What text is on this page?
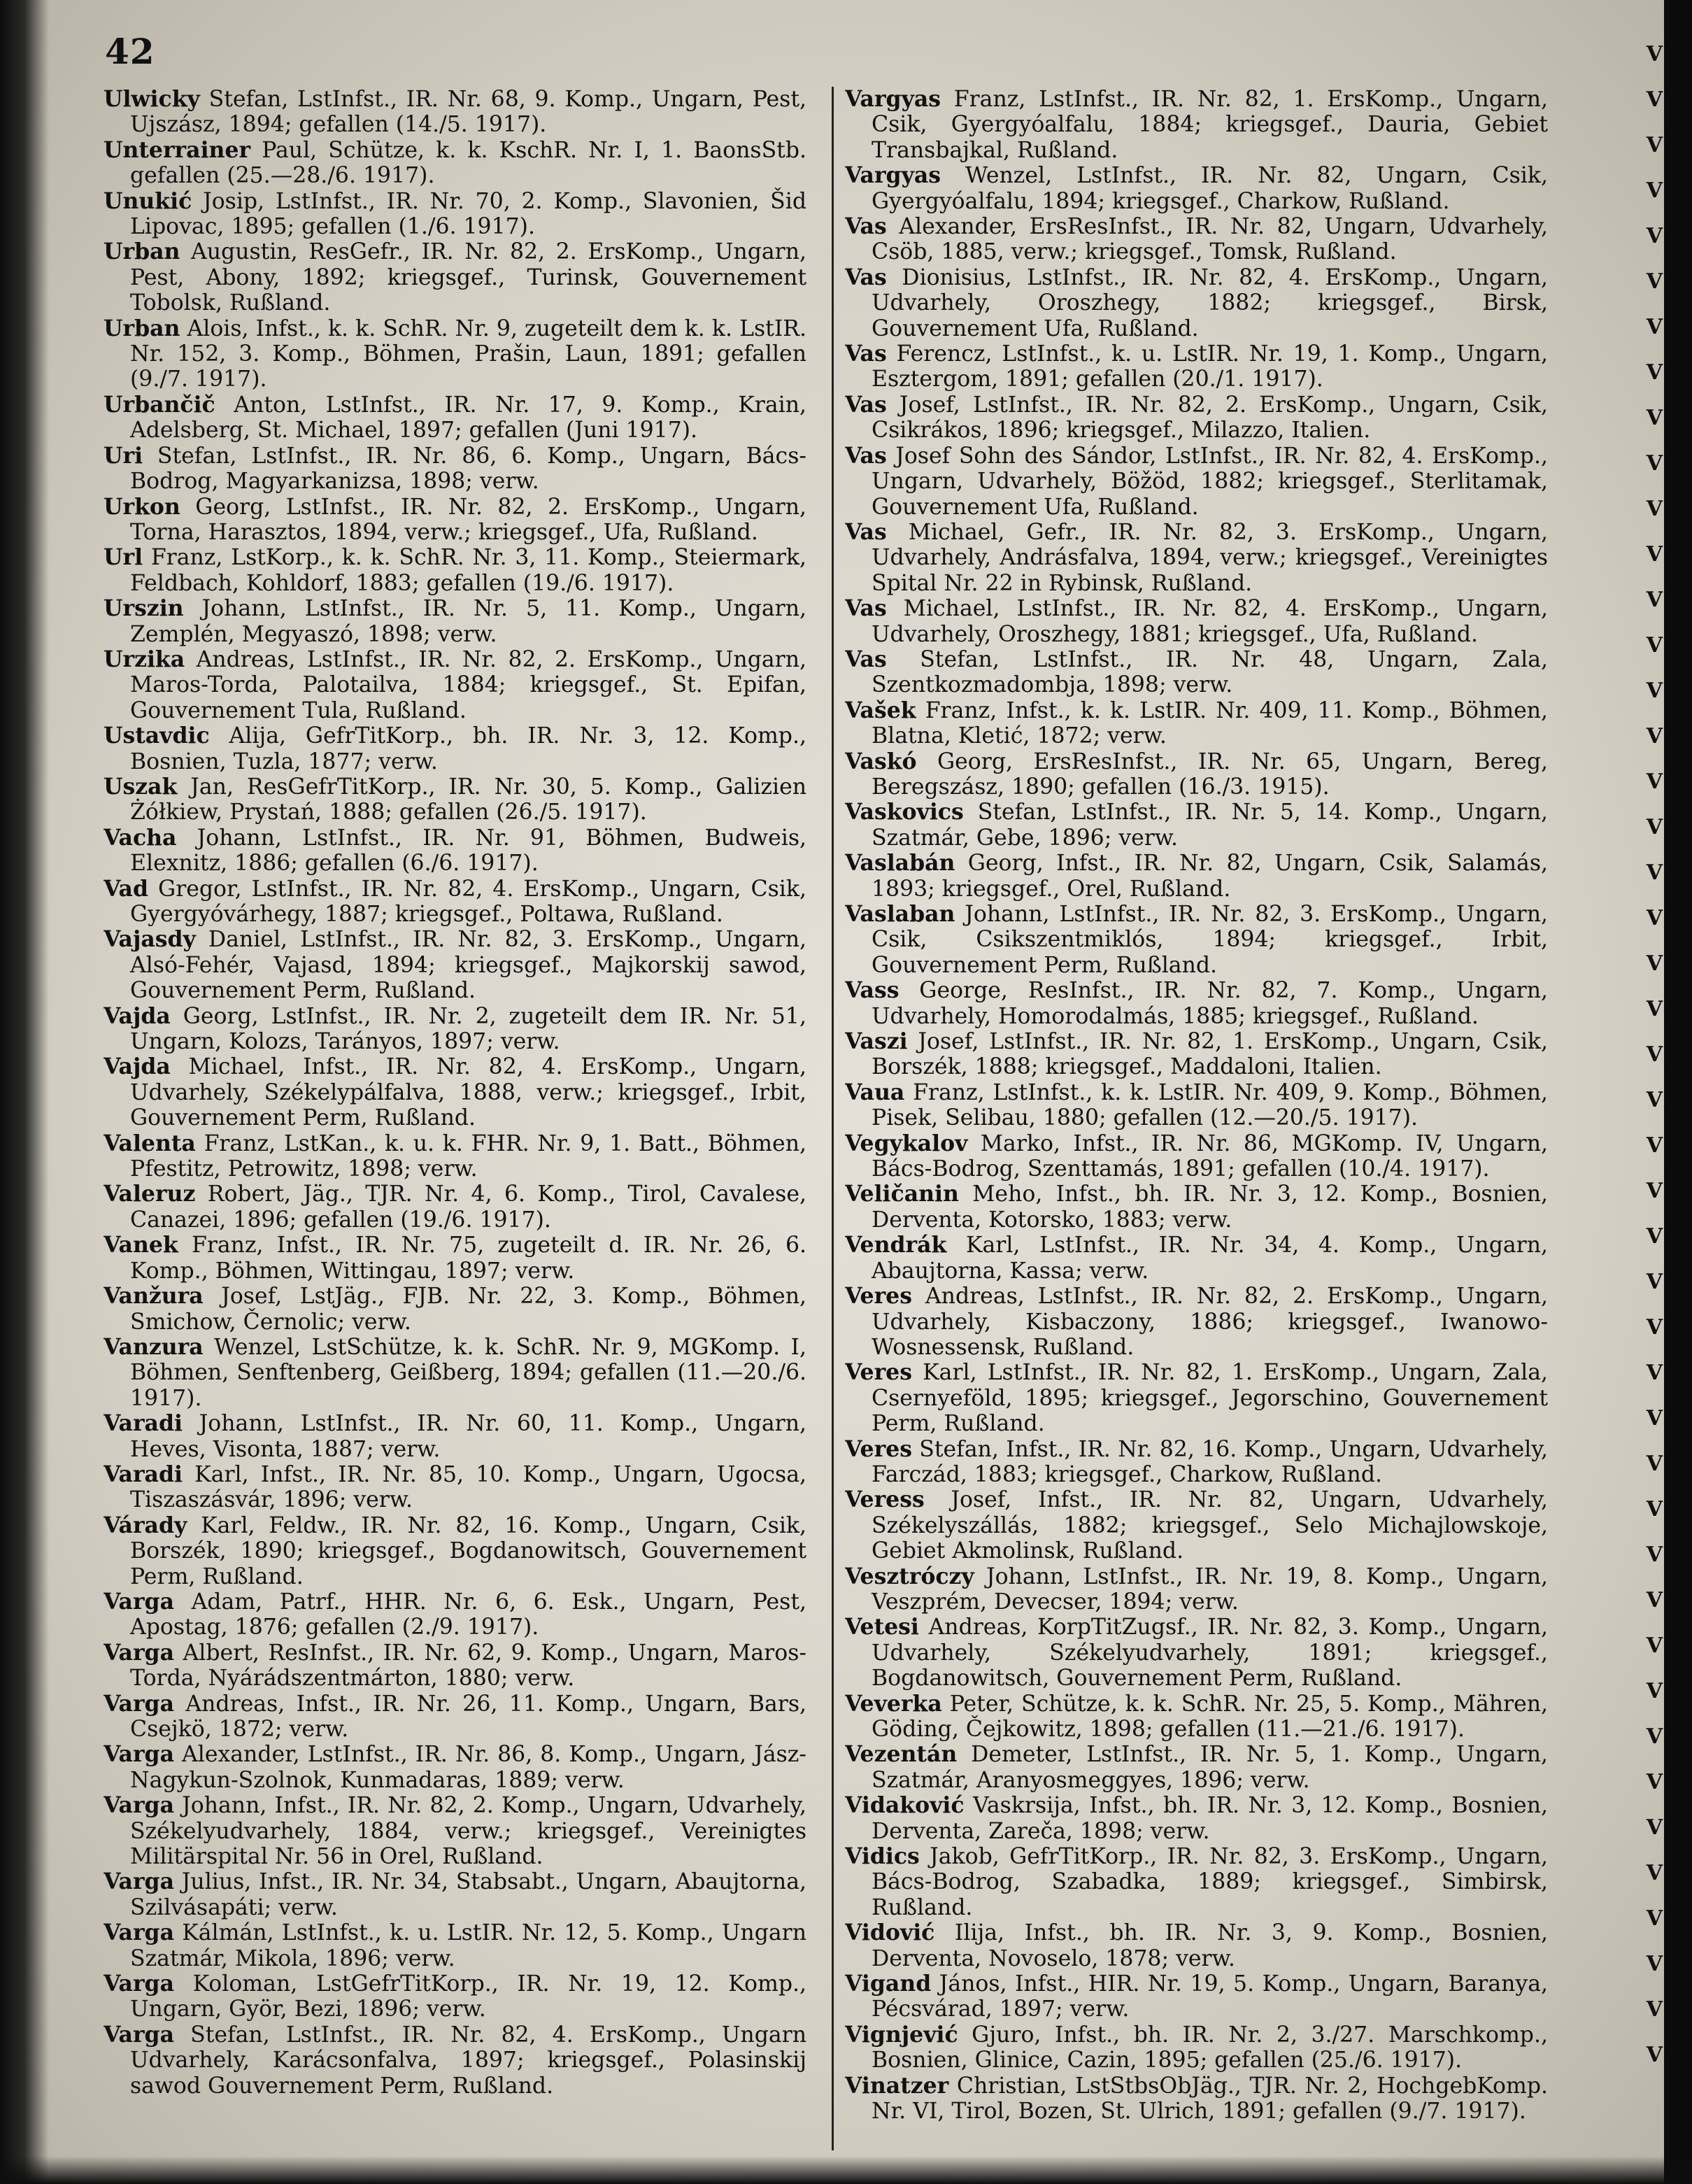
V
V
V
V
V
V
V
V
V
V
V
V
V
V
V
V
V
V
V
V
V
V
V
V
V
V
V
V
V
V
V
V
V
V
V
V
V
V
V
V
V
V
V
V
V
42

Ulwicky Stefan, LstInfst., IR. Nr. 68, 9. Komp., Ungarn, Pest, Ujszász, 1894; gefallen (14./5. 1917).

Unterrainer Paul, Schütze, k. k. KschR. Nr. I, 1. BaonsStb. gefallen (25.—28./6. 1917).

Unukić Josip, LstInfst., IR. Nr. 70, 2. Komp., Slavonien, Šid Lipovac, 1895; gefallen (1./6. 1917).

Urban Augustin, ResGefr., IR. Nr. 82, 2. ErsKomp., Ungarn, Pest, Abony, 1892; kriegsgef., Turinsk, Gouvernement Tobolsk, Rußland.

Urban Alois, Infst., k. k. SchR. Nr. 9, zugeteilt dem k. k. LstIR. Nr. 152, 3. Komp., Böhmen, Prašin, Laun, 1891; gefallen (9./7. 1917).

Urbančič Anton, LstInfst., IR. Nr. 17, 9. Komp., Krain, Adelsberg, St. Michael, 1897; gefallen (Juni 1917).

Uri Stefan, LstInfst., IR. Nr. 86, 6. Komp., Ungarn, Bács-Bodrog, Magyarkanizsa, 1898; verw.

Urkon Georg, LstInfst., IR. Nr. 82, 2. ErsKomp., Ungarn, Torna, Harasztos, 1894, verw.; kriegsgef., Ufa, Rußland.

Url Franz, LstKorp., k. k. SchR. Nr. 3, 11. Komp., Steiermark, Feldbach, Kohldorf, 1883; gefallen (19./6. 1917).

Urszin Johann, LstInfst., IR. Nr. 5, 11. Komp., Ungarn, Zemplén, Megyaszó, 1898; verw.

Urzika Andreas, LstInfst., IR. Nr. 82, 2. ErsKomp., Ungarn, Maros-Torda, Palotailva, 1884; kriegsgef., St. Epifan, Gouvernement Tula, Rußland.

Ustavdic Alija, GefrTitKorp., bh. IR. Nr. 3, 12. Komp., Bosnien, Tuzla, 1877; verw.

Uszak Jan, ResGefrTitKorp., IR. Nr. 30, 5. Komp., Galizien Żółkiew, Prystań, 1888; gefallen (26./5. 1917).

Vacha Johann, LstInfst., IR. Nr. 91, Böhmen, Budweis, Elexnitz, 1886; gefallen (6./6. 1917).

Vad Gregor, LstInfst., IR. Nr. 82, 4. ErsKomp., Ungarn, Csik, Gyergyóvárhegy, 1887; kriegsgef., Poltawa, Rußland.

Vajasdy Daniel, LstInfst., IR. Nr. 82, 3. ErsKomp., Ungarn, Alsó-Fehér, Vajasd, 1894; kriegsgef., Majkorskij sawod, Gouvernement Perm, Rußland.

Vajda Georg, LstInfst., IR. Nr. 2, zugeteilt dem IR. Nr. 51, Ungarn, Kolozs, Tarányos, 1897; verw.

Vajda Michael, Infst., IR. Nr. 82, 4. ErsKomp., Ungarn, Udvarhely, Székelypálfalva, 1888, verw.; kriegsgef., Irbit, Gouvernement Perm, Rußland.

Valenta Franz, LstKan., k. u. k. FHR. Nr. 9, 1. Batt., Böhmen, Pfestitz, Petrowitz, 1898; verw.

Valeruz Robert, Jäg., TJR. Nr. 4, 6. Komp., Tirol, Cavalese, Canazei, 1896; gefallen (19./6. 1917).

Vanek Franz, Infst., IR. Nr. 75, zugeteilt d. IR. Nr. 26, 6. Komp., Böhmen, Wittingau, 1897; verw.

Vanžura Josef, LstJäg., FJB. Nr. 22, 3. Komp., Böhmen, Smichow, Černolic; verw.

Vanzura Wenzel, LstSchütze, k. k. SchR. Nr. 9, MGKomp. I, Böhmen, Senftenberg, Geißberg, 1894; gefallen (11.—20./6. 1917).

Varadi Johann, LstInfst., IR. Nr. 60, 11. Komp., Ungarn, Heves, Visonta, 1887; verw.

Varadi Karl, Infst., IR. Nr. 85, 10. Komp., Ungarn, Ugocsa, Tiszaszásvár, 1896; verw.

Várady Karl, Feldw., IR. Nr. 82, 16. Komp., Ungarn, Csik, Borszék, 1890; kriegsgef., Bogdanowitsch, Gouvernement Perm, Rußland.

Varga Adam, Patrf., HHR. Nr. 6, 6. Esk., Ungarn, Pest, Apostag, 1876; gefallen (2./9. 1917).

Varga Albert, ResInfst., IR. Nr. 62, 9. Komp., Ungarn, Maros-Torda, Nyárádszentmárton, 1880; verw.

Varga Andreas, Infst., IR. Nr. 26, 11. Komp., Ungarn, Bars, Csejkö, 1872; verw.

Varga Alexander, LstInfst., IR. Nr. 86, 8. Komp., Ungarn, Jász-Nagykun-Szolnok, Kunmadaras, 1889; verw.

Varga Johann, Infst., IR. Nr. 82, 2. Komp., Ungarn, Udvarhely, Székelyudvarhely, 1884, verw.; kriegsgef., Vereinigtes Militärspital Nr. 56 in Orel, Rußland.

Varga Julius, Infst., IR. Nr. 34, Stabsabt., Ungarn, Abaujtorna, Szilvásapáti; verw.

Varga Kálmán, LstInfst., k. u. LstIR. Nr. 12, 5. Komp., Ungarn Szatmár, Mikola, 1896; verw.

Varga Koloman, LstGefrTitKorp., IR. Nr. 19, 12. Komp., Ungarn, Györ, Bezi, 1896; verw.

Varga Stefan, LstInfst., IR. Nr. 82, 4. ErsKomp., Ungarn Udvarhely, Karácsonfalva, 1897; kriegsgef., Polasinskij sawod Gouvernement Perm, Rußland.

Vargyas Franz, LstInfst., IR. Nr. 82, 1. ErsKomp., Ungarn, Csik, Gyergyóalfalu, 1884; kriegsgef., Dauria, Gebiet Transbajkal, Rußland.

Vargyas Wenzel, LstInfst., IR. Nr. 82, Ungarn, Csik, Gyergyóalfalu, 1894; kriegsgef., Charkow, Rußland.

Vas Alexander, ErsResInfst., IR. Nr. 82, Ungarn, Udvarhely, Csöb, 1885, verw.; kriegsgef., Tomsk, Rußland.

Vas Dionisius, LstInfst., IR. Nr. 82, 4. ErsKomp., Ungarn, Udvarhely, Oroszhegy, 1882; kriegsgef., Birsk, Gouvernement Ufa, Rußland.

Vas Ferencz, LstInfst., k. u. LstIR. Nr. 19, 1. Komp., Ungarn, Esztergom, 1891; gefallen (20./1. 1917).

Vas Josef, LstInfst., IR. Nr. 82, 2. ErsKomp., Ungarn, Csik, Csikrákos, 1896; kriegsgef., Milazzo, Italien.

Vas Josef Sohn des Sándor, LstInfst., IR. Nr. 82, 4. ErsKomp., Ungarn, Udvarhely, Böžöd, 1882; kriegsgef., Sterlitamak, Gouvernement Ufa, Rußland.

Vas Michael, Gefr., IR. Nr. 82, 3. ErsKomp., Ungarn, Udvarhely, Andrásfalva, 1894, verw.; kriegsgef., Vereinigtes Spital Nr. 22 in Rybinsk, Rußland.

Vas Michael, LstInfst., IR. Nr. 82, 4. ErsKomp., Ungarn, Udvarhely, Oroszhegy, 1881; kriegsgef., Ufa, Rußland.

Vas Stefan, LstInfst., IR. Nr. 48, Ungarn, Zala, Szentkozmadombja, 1898; verw.

Vašek Franz, Infst., k. k. LstIR. Nr. 409, 11. Komp., Böhmen, Blatna, Kletić, 1872; verw.

Vaskó Georg, ErsResInfst., IR. Nr. 65, Ungarn, Bereg, Beregszász, 1890; gefallen (16./3. 1915).

Vaskovics Stefan, LstInfst., IR. Nr. 5, 14. Komp., Ungarn, Szatmár, Gebe, 1896; verw.

Vaslabán Georg, Infst., IR. Nr. 82, Ungarn, Csik, Salamás, 1893; kriegsgef., Orel, Rußland.

Vaslaban Johann, LstInfst., IR. Nr. 82, 3. ErsKomp., Ungarn, Csik, Csikszentmiklós, 1894; kriegsgef., Irbit, Gouvernement Perm, Rußland.

Vass George, ResInfst., IR. Nr. 82, 7. Komp., Ungarn, Udvarhely, Homorodalmás, 1885; kriegsgef., Rußland.

Vaszi Josef, LstInfst., IR. Nr. 82, 1. ErsKomp., Ungarn, Csik, Borszék, 1888; kriegsgef., Maddaloni, Italien.

Vaua Franz, LstInfst., k. k. LstIR. Nr. 409, 9. Komp., Böhmen, Pisek, Selibau, 1880; gefallen (12.—20./5. 1917).

Vegykalov Marko, Infst., IR. Nr. 86, MGKomp. IV, Ungarn, Bács-Bodrog, Szenttamás, 1891; gefallen (10./4. 1917).

Veličanin Meho, Infst., bh. IR. Nr. 3, 12. Komp., Bosnien, Derventa, Kotorsko, 1883; verw.

Vendrák Karl, LstInfst., IR. Nr. 34, 4. Komp., Ungarn, Abaujtorna, Kassa; verw.

Veres Andreas, LstInfst., IR. Nr. 82, 2. ErsKomp., Ungarn, Udvarhely, Kisbaczony, 1886; kriegsgef., Iwanowo-Wosnessensk, Rußland.

Veres Karl, LstInfst., IR. Nr. 82, 1. ErsKomp., Ungarn, Zala, Csernyeföld, 1895; kriegsgef., Jegorschino, Gouvernement Perm, Rußland.

Veres Stefan, Infst., IR. Nr. 82, 16. Komp., Ungarn, Udvarhely, Farczád, 1883; kriegsgef., Charkow, Rußland.

Veress Josef, Infst., IR. Nr. 82, Ungarn, Udvarhely, Székelyszállás, 1882; kriegsgef., Selo Michajlowskoje, Gebiet Akmolinsk, Rußland.

Vesztróczy Johann, LstInfst., IR. Nr. 19, 8. Komp., Ungarn, Veszprém, Devecser, 1894; verw.

Vetesi Andreas, KorpTitZugsf., IR. Nr. 82, 3. Komp., Ungarn, Udvarhely, Székelyudvarhely, 1891; kriegsgef., Bogdanowitsch, Gouvernement Perm, Rußland.

Veverka Peter, Schütze, k. k. SchR. Nr. 25, 5. Komp., Mähren, Göding, Čejkowitz, 1898; gefallen (11.—21./6. 1917).

Vezentán Demeter, LstInfst., IR. Nr. 5, 1. Komp., Ungarn, Szatmár, Aranyosmeggyes, 1896; verw.

Vidaković Vaskrsija, Infst., bh. IR. Nr. 3, 12. Komp., Bosnien, Derventa, Zareča, 1898; verw.

Vidics Jakob, GefrTitKorp., IR. Nr. 82, 3. ErsKomp., Ungarn, Bács-Bodrog, Szabadka, 1889; kriegsgef., Simbirsk, Rußland.

Vidović Ilija, Infst., bh. IR. Nr. 3, 9. Komp., Bosnien, Derventa, Novoselo, 1878; verw.

Vigand János, Infst., HIR. Nr. 19, 5. Komp., Ungarn, Baranya, Pécsvárad, 1897; verw.

Vignjević Gjuro, Infst., bh. IR. Nr. 2, 3./27. Marschkomp., Bosnien, Glinice, Cazin, 1895; gefallen (25./6. 1917).

Vinatzer Christian, LstStbsObJäg., TJR. Nr. 2, HochgebKomp. Nr. VI, Tirol, Bozen, St. Ulrich, 1891; gefallen (9./7. 1917).
